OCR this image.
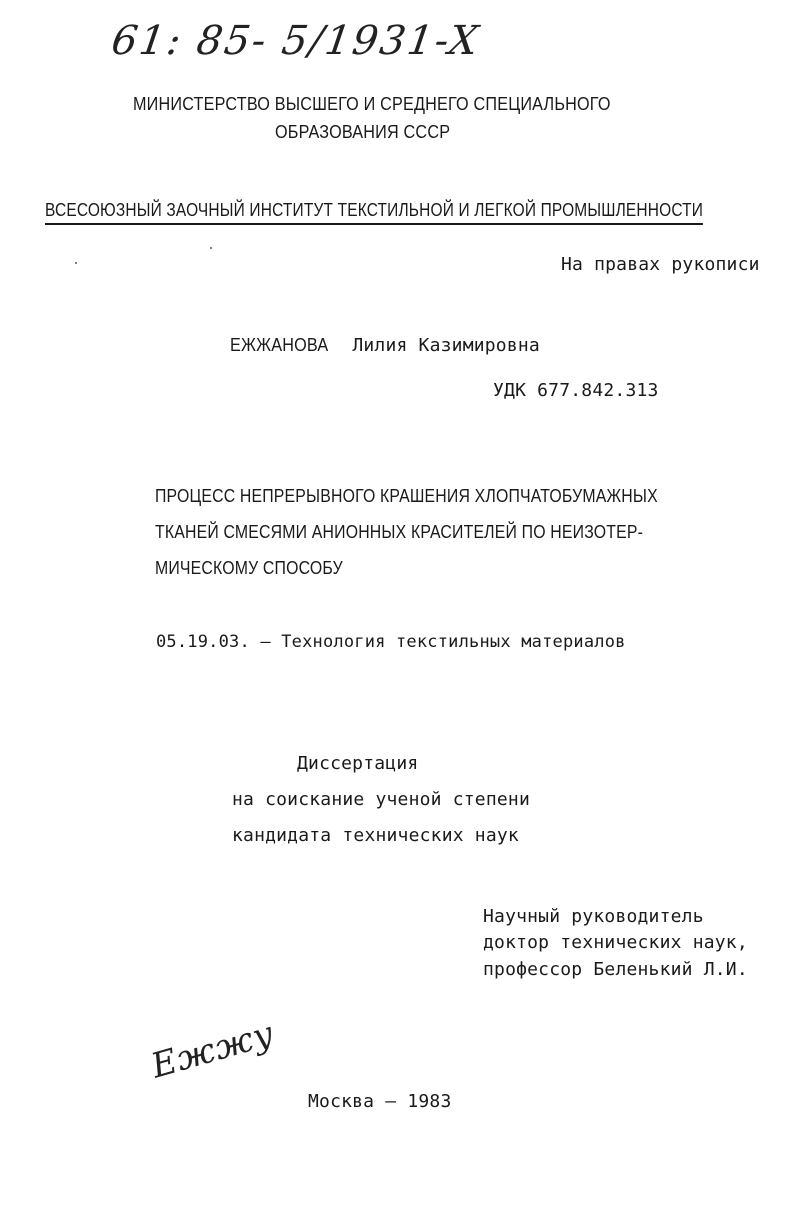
61: 85- 5/1931-X
МИНИСТЕРСТВО ВЫСШЕГО И СРЕДНЕГО СПЕЦИАЛЬНОГО
ОБРАЗОВАНИЯ СССР
ВСЕСОЮЗНЫЙ ЗАОЧНЫЙ ИНСТИТУТ ТЕКСТИЛЬНОЙ И ЛЕГКОЙ ПРОМЫШЛЕННОСТИ
На правах рукописи
ЕЖЖАНОВА Лилия Казимировна
УДК 677.842.313
ПРОЦЕСС НЕПРЕРЫВНОГО КРАШЕНИЯ ХЛОПЧАТОБУМАЖНЫХ
ТКАНЕЙ СМЕСЯМИ АНИОННЫХ КРАСИТЕЛЕЙ ПО НЕИЗОТЕР-
МИЧЕСКОМУ СПОСОБУ
05.19.03. – Технология текстильных материалов
Диссертация
на соискание ученой степени
кандидата технических наук
Научный руководитель
доктор технических наук,
профессор Беленький Л.И.
Ежжу
Москва – 1983
